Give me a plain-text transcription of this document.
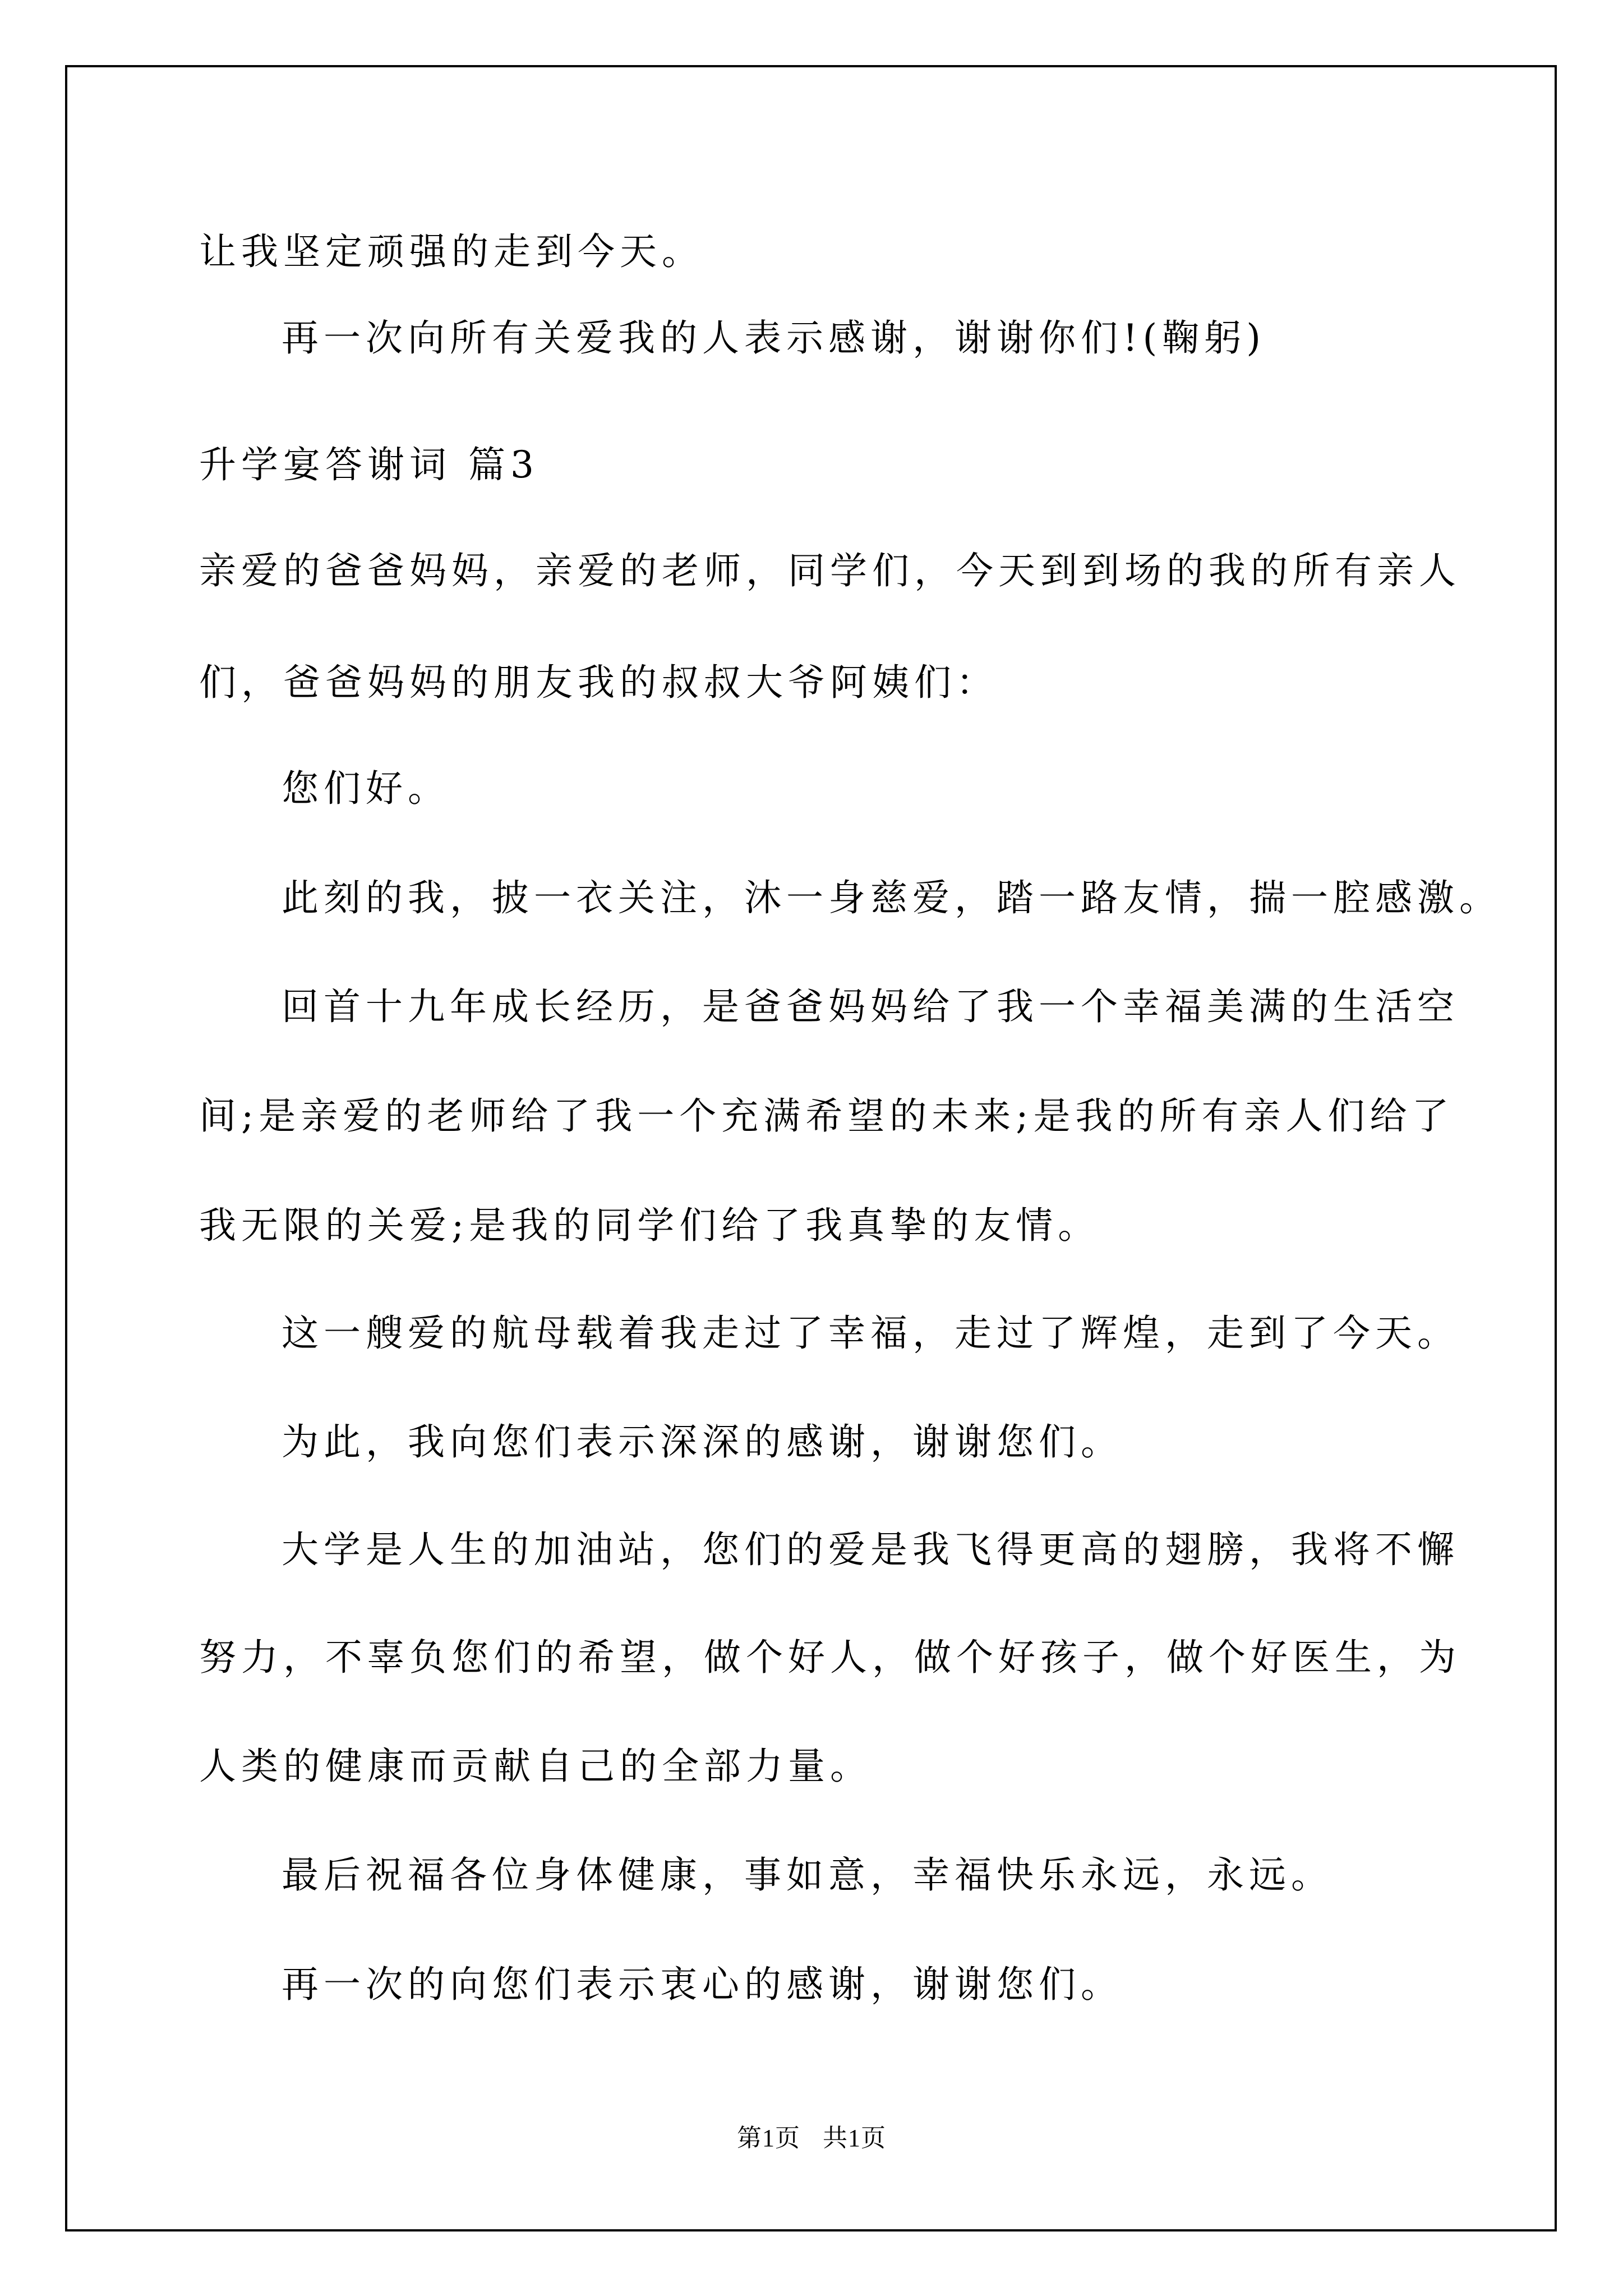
让我坚定顽强的走到今天。
再一次向所有关爱我的人表示感谢，谢谢你们!(鞠躬)
升学宴答谢词 篇3
亲爱的爸爸妈妈，亲爱的老师，同学们，今天到到场的我的所有亲人
们，爸爸妈妈的朋友我的叔叔大爷阿姨们：
您们好。
此刻的我，披一衣关注，沐一身慈爱，踏一路友情，揣一腔感激。
回首十九年成长经历，是爸爸妈妈给了我一个幸福美满的生活空
间;是亲爱的老师给了我一个充满希望的未来;是我的所有亲人们给了
我无限的关爱;是我的同学们给了我真挚的友情。
这一艘爱的航母载着我走过了幸福，走过了辉煌，走到了今天。
为此，我向您们表示深深的感谢，谢谢您们。
大学是人生的加油站，您们的爱是我飞得更高的翅膀，我将不懈
努力，不辜负您们的希望，做个好人，做个好孩子，做个好医生，为
人类的健康而贡献自己的全部力量。
最后祝福各位身体健康，事如意，幸福快乐永远，永远。
再一次的向您们表示衷心的感谢，谢谢您们。
第1页 共1页
